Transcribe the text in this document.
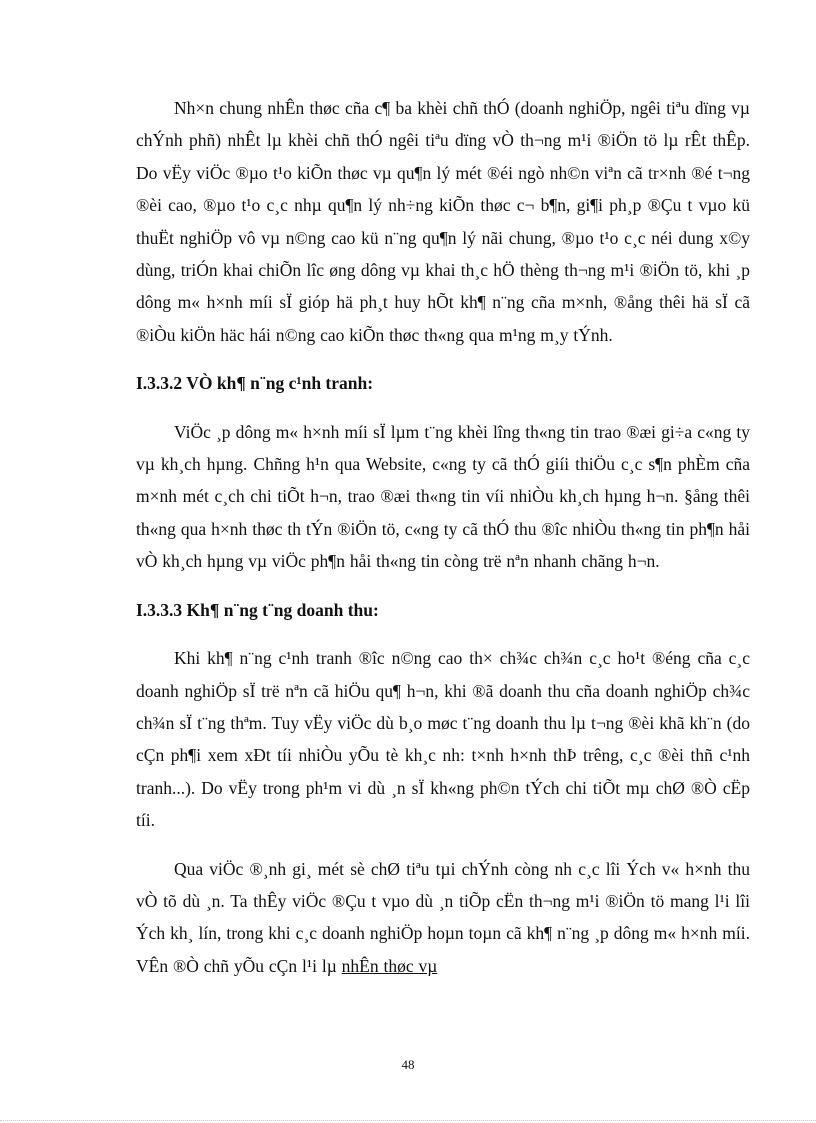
Nh×n chung nhÊn thøc cña c¶ ba khèi chñ thÓ (doanh nghiÖp, ngêi tiªu dïng vµ chÝnh phñ) nhÊt lµ khèi chñ thÓ ngêi tiªu dïng vÒ th¬ng m¹i ®iÖn tö lµ rÊt thÊp. Do vËy viÖc ®µo t¹o kiÕn thøc vµ qu¶n lý mét ®éi ngò nh©n viªn cã tr×nh ®é t¬ng ®èi cao, ®µo t¹o c¸c nhµ qu¶n lý nh÷ng kiÕn thøc c¬ b¶n, gi¶i ph¸p ®Çu t vµo kü thuËt nghiÖp vô vµ n©ng cao kü n¨ng qu¶n lý nãi chung, ®µo t¹o c¸c néi dung x©y dùng, triÓn khai chiÕn lîc øng dông vµ khai th¸c hÖ thèng th¬ng m¹i ®iÖn tö, khi ¸p dông m« h×nh míi sÏ gióp hä ph¸t huy hÕt kh¶ n¨ng cña m×nh, ®ång thêi hä sÏ cã ®iÒu kiÖn häc hái n©ng cao kiÕn thøc th«ng qua m¹ng m¸y tÝnh.

I.3.3.2 VÒ kh¶ n¨ng c¹nh tranh:

ViÖc ¸p dông m« h×nh míi sÏ lµm t¨ng khèi lîng th«ng tin trao ®æi gi÷a c«ng ty vµ kh¸ch hµng. Chñng h¹n qua Website, c«ng ty cã thÓ giíi thiÖu c¸c s¶n phÈm cña m×nh mét c¸ch chi tiÕt h¬n, trao ®æi th«ng tin víi nhiÒu kh¸ch hµng h¬n. §ång thêi th«ng qua h×nh thøc th tÝn ®iÖn tö, c«ng ty cã thÓ thu ®îc nhiÒu th«ng tin ph¶n håi vÒ kh¸ch hµng vµ viÖc ph¶n håi th«ng tin còng trë nªn nhanh chãng h¬n.

I.3.3.3 Kh¶ n¨ng t¨ng doanh thu:

Khi kh¶ n¨ng c¹nh tranh ®îc n©ng cao th× ch¾c ch¾n c¸c ho¹t ®éng cña c¸c doanh nghiÖp sÏ trë nªn cã hiÖu qu¶ h¬n, khi ®ã doanh thu cña doanh nghiÖp ch¾c ch¾n sÏ t¨ng thªm. Tuy vËy viÖc dù b¸o møc t¨ng doanh thu lµ t¬ng ®èi khã kh¨n (do cÇn ph¶i xem xÐt tíi nhiÒu yÕu tè kh¸c nh: t×nh h×nh thÞ trêng, c¸c ®èi thñ c¹nh tranh...). Do vËy trong ph¹m vi dù ¸n sÏ kh«ng ph©n tÝch chi tiÕt mµ chØ ®Ò cËp tíi.

Qua viÖc ®¸nh gi¸ mét sè chØ tiªu tµi chÝnh còng nh c¸c lîi Ých v« h×nh thu vÒ tõ dù ¸n. Ta thÊy viÖc ®Çu t vµo dù ¸n tiÕp cËn th¬ng m¹i ®iÖn tö mang l¹i lîi Ých kh¸ lín, trong khi c¸c doanh nghiÖp hoµn toµn cã kh¶ n¨ng ¸p dông m« h×nh míi. VÊn ®Ò chñ yÕu cÇn l¹i lµ nhÊn thøc vµ

48
